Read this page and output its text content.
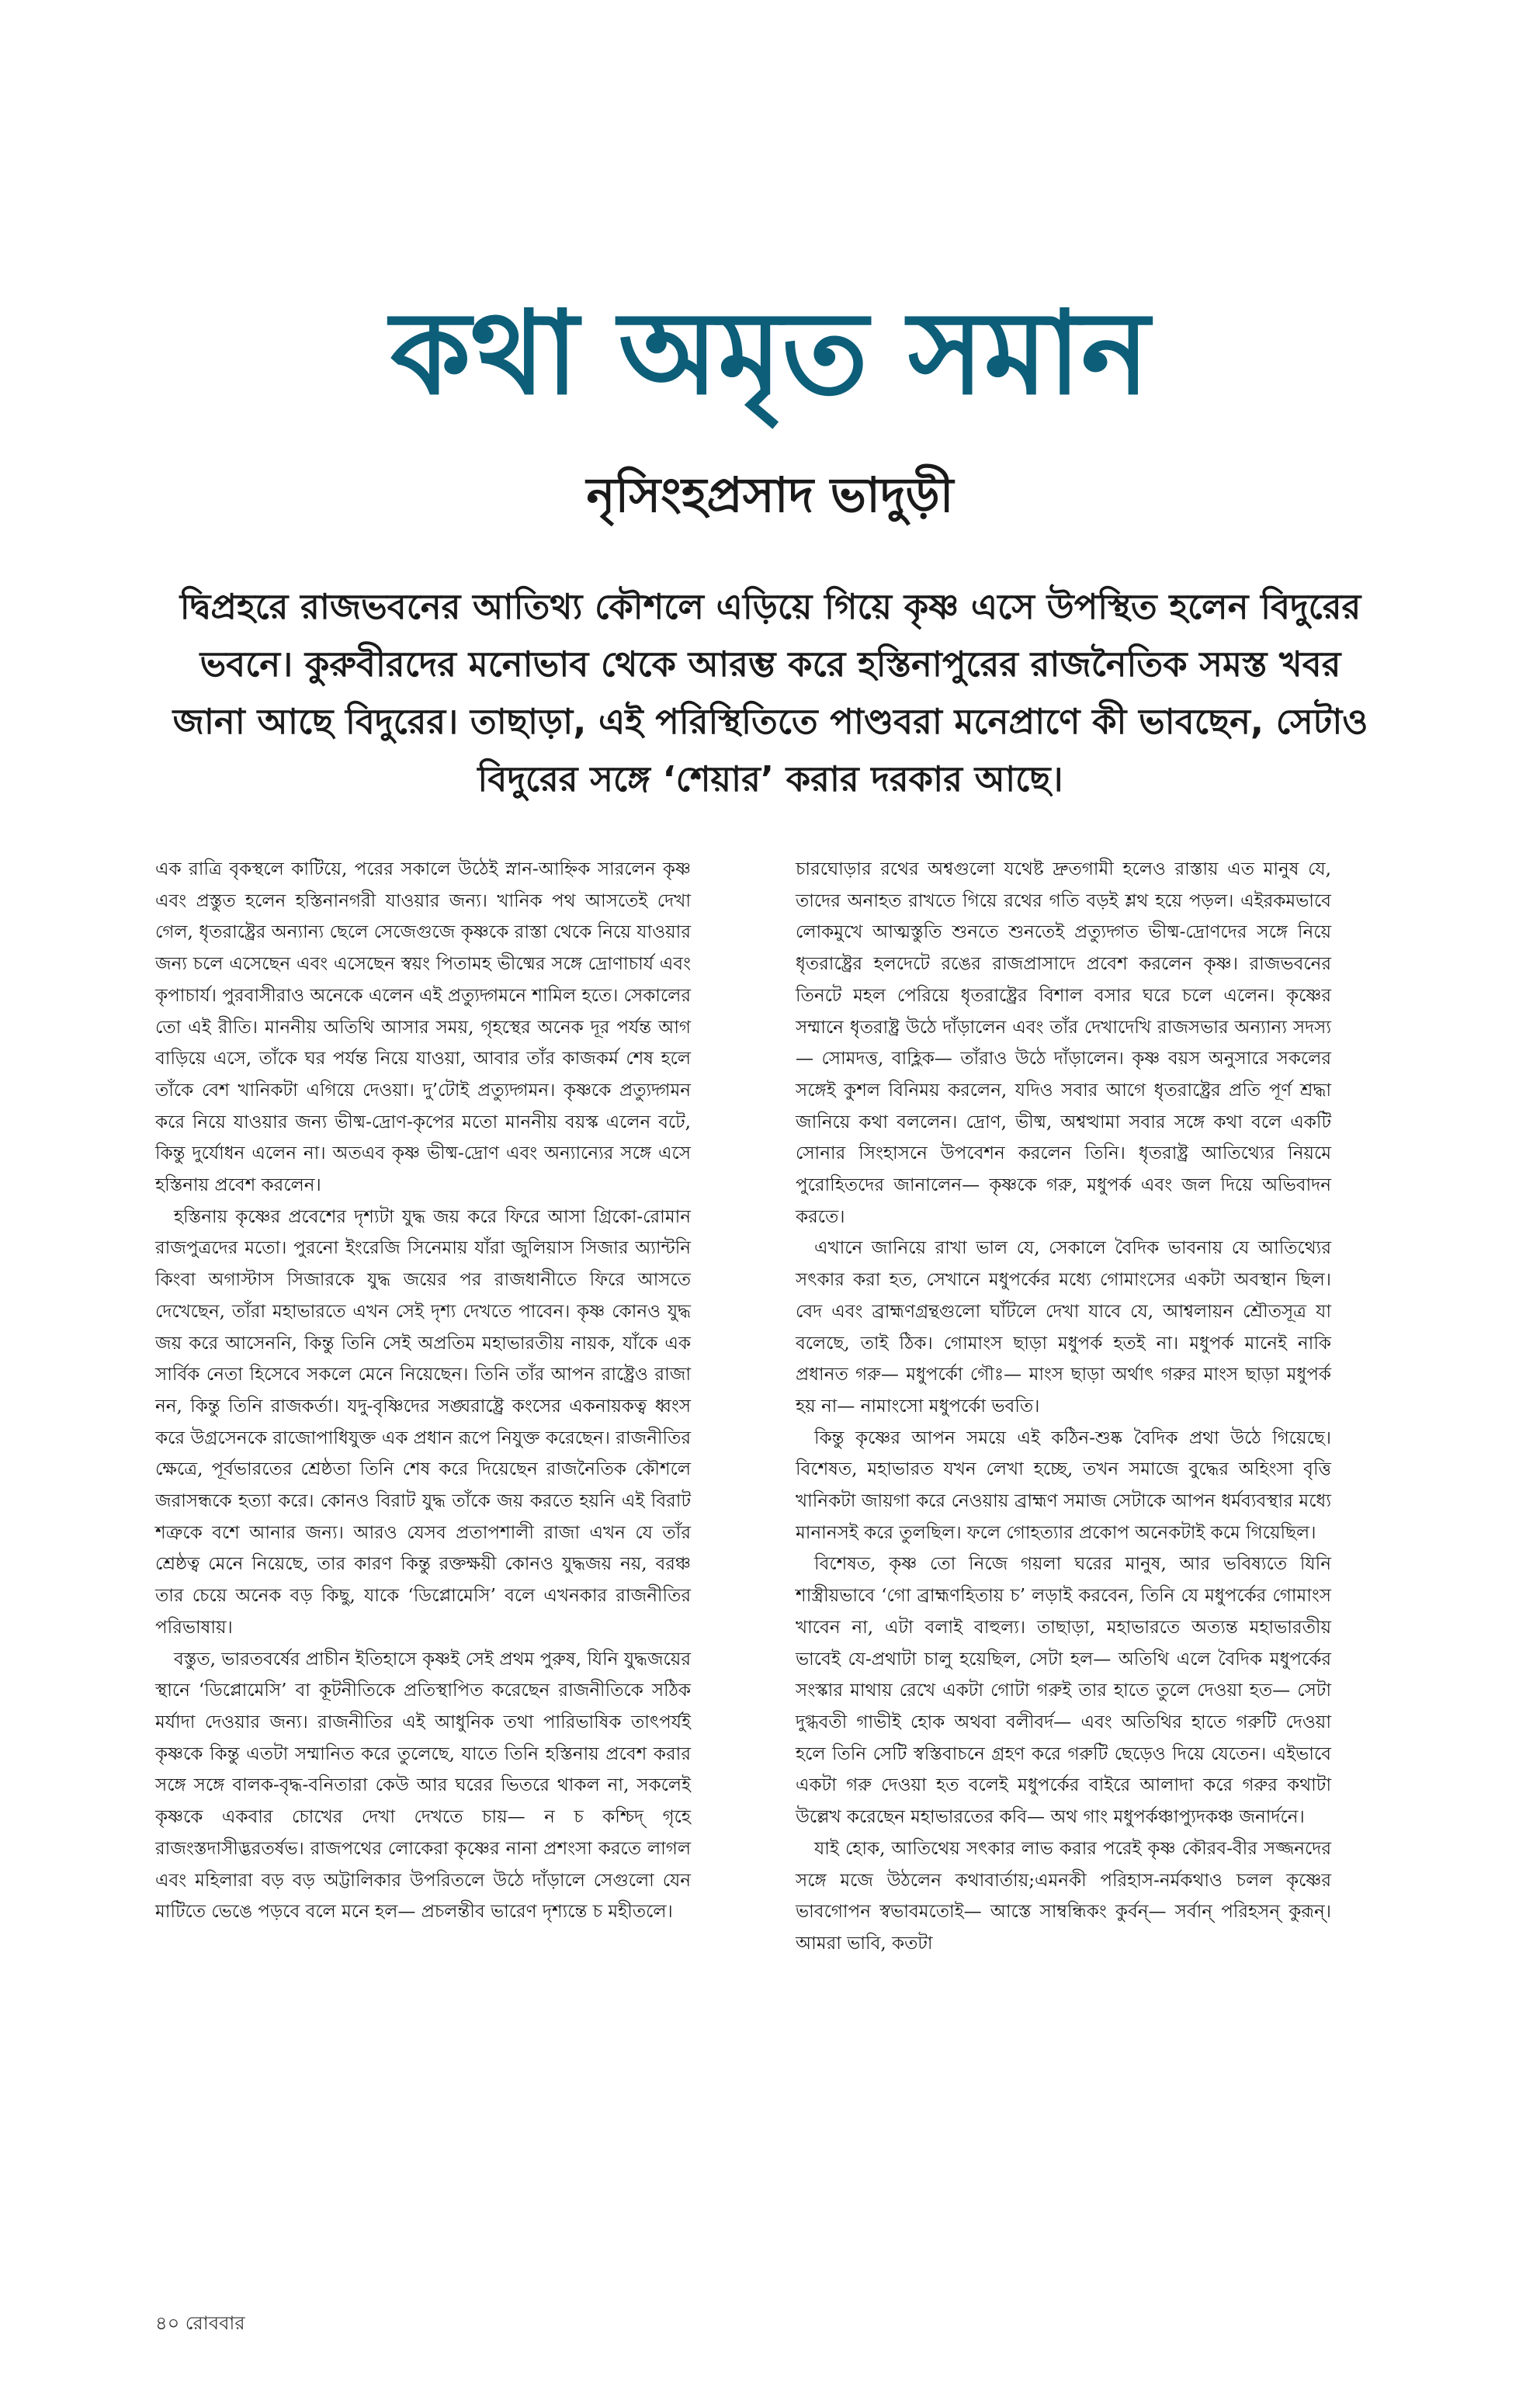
কথা অমৃত সমান
নৃসিংহপ্রসাদ ভাদুড়ী

দ্বিপ্রহরে রাজভবনের আতিথ্য কৌশলে এড়িয়ে গিয়ে কৃষ্ণ এসে উপস্থিত হলেন বিদুরের ভবনে। কুরুবীরদের মনোভাব থেকে আরম্ভ করে হস্তিনাপুরের রাজনৈতিক সমস্ত খবর জানা আছে বিদুরের। তাছাড়া, এই পরিস্থিতিতে পাণ্ডবরা মনেপ্রাণে কী ভাবছেন, সেটাও বিদুরের সঙ্গে ‘শেয়ার’ করার দরকার আছে।

এক রাত্রি বৃকস্থলে কাটিয়ে, পরের সকালে উঠেই স্নান-আহ্নিক সারলেন কৃষ্ণ এবং প্রস্তুত হলেন হস্তিনানগরী যাওয়ার জন্য। খানিক পথ আসতেই দেখা গেল, ধৃতরাষ্ট্রের অন্যান্য ছেলে সেজেগুজে কৃষ্ণকে রাস্তা থেকে নিয়ে যাওয়ার জন্য চলে এসেছেন এবং এসেছেন স্বয়ং পিতামহ ভীষ্মের সঙ্গে দ্রোণাচার্য এবং কৃপাচার্য। পুরবাসীরাও অনেকে এলেন এই প্রত্যুদ্গমনে শামিল হতে। সেকালের তো এই রীতি। মাননীয় অতিথি আসার সময়, গৃহস্থের অনেক দূর পর্যন্ত আগ বাড়িয়ে এসে, তাঁকে ঘর পর্যন্ত নিয়ে যাওয়া, আবার তাঁর কাজকর্ম শেষ হলে তাঁকে বেশ খানিকটা এগিয়ে দেওয়া। দু’টোই প্রত্যুদ্গমন। কৃষ্ণকে প্রত্যুদ্গমন করে নিয়ে যাওয়ার জন্য ভীষ্ম-দ্রোণ-কৃপের মতো মাননীয় বয়স্ক এলেন বটে, কিন্তু দুর্যোধন এলেন না। অতএব কৃষ্ণ ভীষ্ম-দ্রোণ এবং অন্যান্যের সঙ্গে এসে হস্তিনায় প্রবেশ করলেন।

হস্তিনায় কৃষ্ণের প্রবেশের দৃশ্যটা যুদ্ধ জয় করে ফিরে আসা গ্রিকো-রোমান রাজপুত্রদের মতো। পুরনো ইংরেজি সিনেমায় যাঁরা জুলিয়াস সিজার অ্যান্টনি কিংবা অগাস্টাস সিজারকে যুদ্ধ জয়ের পর রাজধানীতে ফিরে আসতে দেখেছেন, তাঁরা মহাভারতে এখন সেই দৃশ্য দেখতে পাবেন। কৃষ্ণ কোনও যুদ্ধ জয় করে আসেননি, কিন্তু তিনি সেই অপ্রতিম মহাভারতীয় নায়ক, যাঁকে এক সার্বিক নেতা হিসেবে সকলে মেনে নিয়েছেন। তিনি তাঁর আপন রাষ্ট্রেও রাজা নন, কিন্তু তিনি রাজকর্তা। যদু-বৃষ্ণিদের সঙ্ঘরাষ্ট্রে কংসের একনায়কত্ব ধ্বংস করে উগ্রসেনকে রাজোপাধিযুক্ত এক প্রধান রূপে নিযুক্ত করেছেন। রাজনীতির ক্ষেত্রে, পূর্বভারতের শ্রেষ্ঠতা তিনি শেষ করে দিয়েছেন রাজনৈতিক কৌশলে জরাসন্ধকে হত্যা করে। কোনও বিরাট যুদ্ধ তাঁকে জয় করতে হয়নি এই বিরাট শত্রুকে বশে আনার জন্য। আরও যেসব প্রতাপশালী রাজা এখন যে তাঁর শ্রেষ্ঠত্ব মেনে নিয়েছে, তার কারণ কিন্তু রক্তক্ষয়ী কোনও যুদ্ধজয় নয়, বরঞ্চ তার চেয়ে অনেক বড় কিছু, যাকে ‘ডিপ্লোমেসি’ বলে এখনকার রাজনীতির পরিভাষায়।

বস্তুত, ভারতবর্ষের প্রাচীন ইতিহাসে কৃষ্ণই সেই প্রথম পুরুষ, যিনি যুদ্ধজয়ের স্থানে ‘ডিপ্লোমেসি’ বা কূটনীতিকে প্রতিস্থাপিত করেছেন রাজনীতিকে সঠিক মর্যাদা দেওয়ার জন্য। রাজনীতির এই আধুনিক তথা পারিভাষিক তাৎপর্যই কৃষ্ণকে কিন্তু এতটা সম্মানিত করে তুলেছে, যাতে তিনি হস্তিনায় প্রবেশ করার সঙ্গে সঙ্গে বালক-বৃদ্ধ-বনিতারা কেউ আর ঘরের ভিতরে থাকল না, সকলেই কৃষ্ণকে একবার চোখের দেখা দেখতে চায়— ন চ কশ্চিদ্ গৃহে রাজংস্তদাসীদ্ভরতর্ষভ। রাজপথের লোকেরা কৃষ্ণের নানা প্রশংসা করতে লাগল এবং মহিলারা বড় বড় অট্টালিকার উপরিতলে উঠে দাঁড়ালে সেগুলো যেন মাটিতে ভেঙে পড়বে বলে মনে হল— প্রচলন্তীব ভারেণ দৃশ্যন্তে চ মহীতলে।

চারঘোড়ার রথের অশ্বগুলো যথেষ্ট দ্রুতগামী হলেও রাস্তায় এত মানুষ যে, তাদের অনাহত রাখতে গিয়ে রথের গতি বড়ই শ্লথ হয়ে পড়ল। এইরকমভাবে লোকমুখে আত্মস্তুতি শুনতে শুনতেই প্রত্যুদ্গত ভীষ্ম-দ্রোণদের সঙ্গে নিয়ে ধৃতরাষ্ট্রের হলদেটে রঙের রাজপ্রাসাদে প্রবেশ করলেন কৃষ্ণ। রাজভবনের তিনটে মহল পেরিয়ে ধৃতরাষ্ট্রের বিশাল বসার ঘরে চলে এলেন। কৃষ্ণের সম্মানে ধৃতরাষ্ট্র উঠে দাঁড়ালেন এবং তাঁর দেখাদেখি রাজসভার অন্যান্য সদস্য— সোমদত্ত, বাহ্লিক— তাঁরাও উঠে দাঁড়ালেন। কৃষ্ণ বয়স অনুসারে সকলের সঙ্গেই কুশল বিনিময় করলেন, যদিও সবার আগে ধৃতরাষ্ট্রের প্রতি পূর্ণ শ্রদ্ধা জানিয়ে কথা বললেন। দ্রোণ, ভীষ্ম, অশ্বত্থামা সবার সঙ্গে কথা বলে একটি সোনার সিংহাসনে উপবেশন করলেন তিনি। ধৃতরাষ্ট্র আতিথ্যের নিয়মে পুরোহিতদের জানালেন— কৃষ্ণকে গরু, মধুপর্ক এবং জল দিয়ে অভিবাদন করতে।

এখানে জানিয়ে রাখা ভাল যে, সেকালে বৈদিক ভাবনায় যে আতিথ্যের সৎকার করা হত, সেখানে মধুপর্কের মধ্যে গোমাংসের একটা অবস্থান ছিল। বেদ এবং ব্রাহ্মণগ্রন্থগুলো ঘাঁটলে দেখা যাবে যে, আশ্বলায়ন শ্রৌতসূত্র যা বলেছে, তাই ঠিক। গোমাংস ছাড়া মধুপর্ক হতই না। মধুপর্ক মানেই নাকি প্রধানত গরু— মধুপর্কো গৌঃ— মাংস ছাড়া অর্থাৎ গরুর মাংস ছাড়া মধুপর্ক হয় না— নামাংসো মধুপর্কো ভবতি।

কিন্তু কৃষ্ণের আপন সময়ে এই কঠিন-শুষ্ক বৈদিক প্রথা উঠে গিয়েছে। বিশেষত, মহাভারত যখন লেখা হচ্ছে, তখন সমাজে বুদ্ধের অহিংসা বৃত্তি খানিকটা জায়গা করে নেওয়ায় ব্রাহ্মণ সমাজ সেটাকে আপন ধর্মব্যবস্থার মধ্যে মানানসই করে তুলছিল। ফলে গোহত্যার প্রকোপ অনেকটাই কমে গিয়েছিল।

বিশেষত, কৃষ্ণ তো নিজে গয়লা ঘরের মানুষ, আর ভবিষ্যতে যিনি শাস্ত্রীয়ভাবে ‘গো ব্রাহ্মণহিতায় চ’ লড়াই করবেন, তিনি যে মধুপর্কের গোমাংস খাবেন না, এটা বলাই বাহুল্য। তাছাড়া, মহাভারতে অত্যন্ত মহাভারতীয় ভাবেই যে-প্রথাটা চালু হয়েছিল, সেটা হল— অতিথি এলে বৈদিক মধুপর্কের সংস্কার মাথায় রেখে একটা গোটা গরুই তার হাতে তুলে দেওয়া হত— সেটা দুগ্ধবতী গাভীই হোক অথবা বলীবর্দ— এবং অতিথির হাতে গরুটি দেওয়া হলে তিনি সেটি স্বস্তিবাচনে গ্রহণ করে গরুটি ছেড়েও দিয়ে যেতেন। এইভাবে একটা গরু দেওয়া হত বলেই মধুপর্কের বাইরে আলাদা করে গরুর কথাটা উল্লেখ করেছেন মহাভারতের কবি— অথ গাং মধুপর্কঞ্চাপ্যুদকঞ্চ জনার্দনে।

যাই হোক, আতিথেয় সৎকার লাভ করার পরেই কৃষ্ণ কৌরব-বীর সজ্জনদের সঙ্গে মজে উঠলেন কথাবার্তায়;এমনকী পরিহাস-নর্মকথাও চলল কৃষ্ণের ভাবগোপন স্বভাবমতোই— আস্তে সাম্বন্ধিকং কুর্বন্— সর্বান্ পরিহসন্ কুরূন্। আমরা ভাবি, কতটা

৪০ রোববার
